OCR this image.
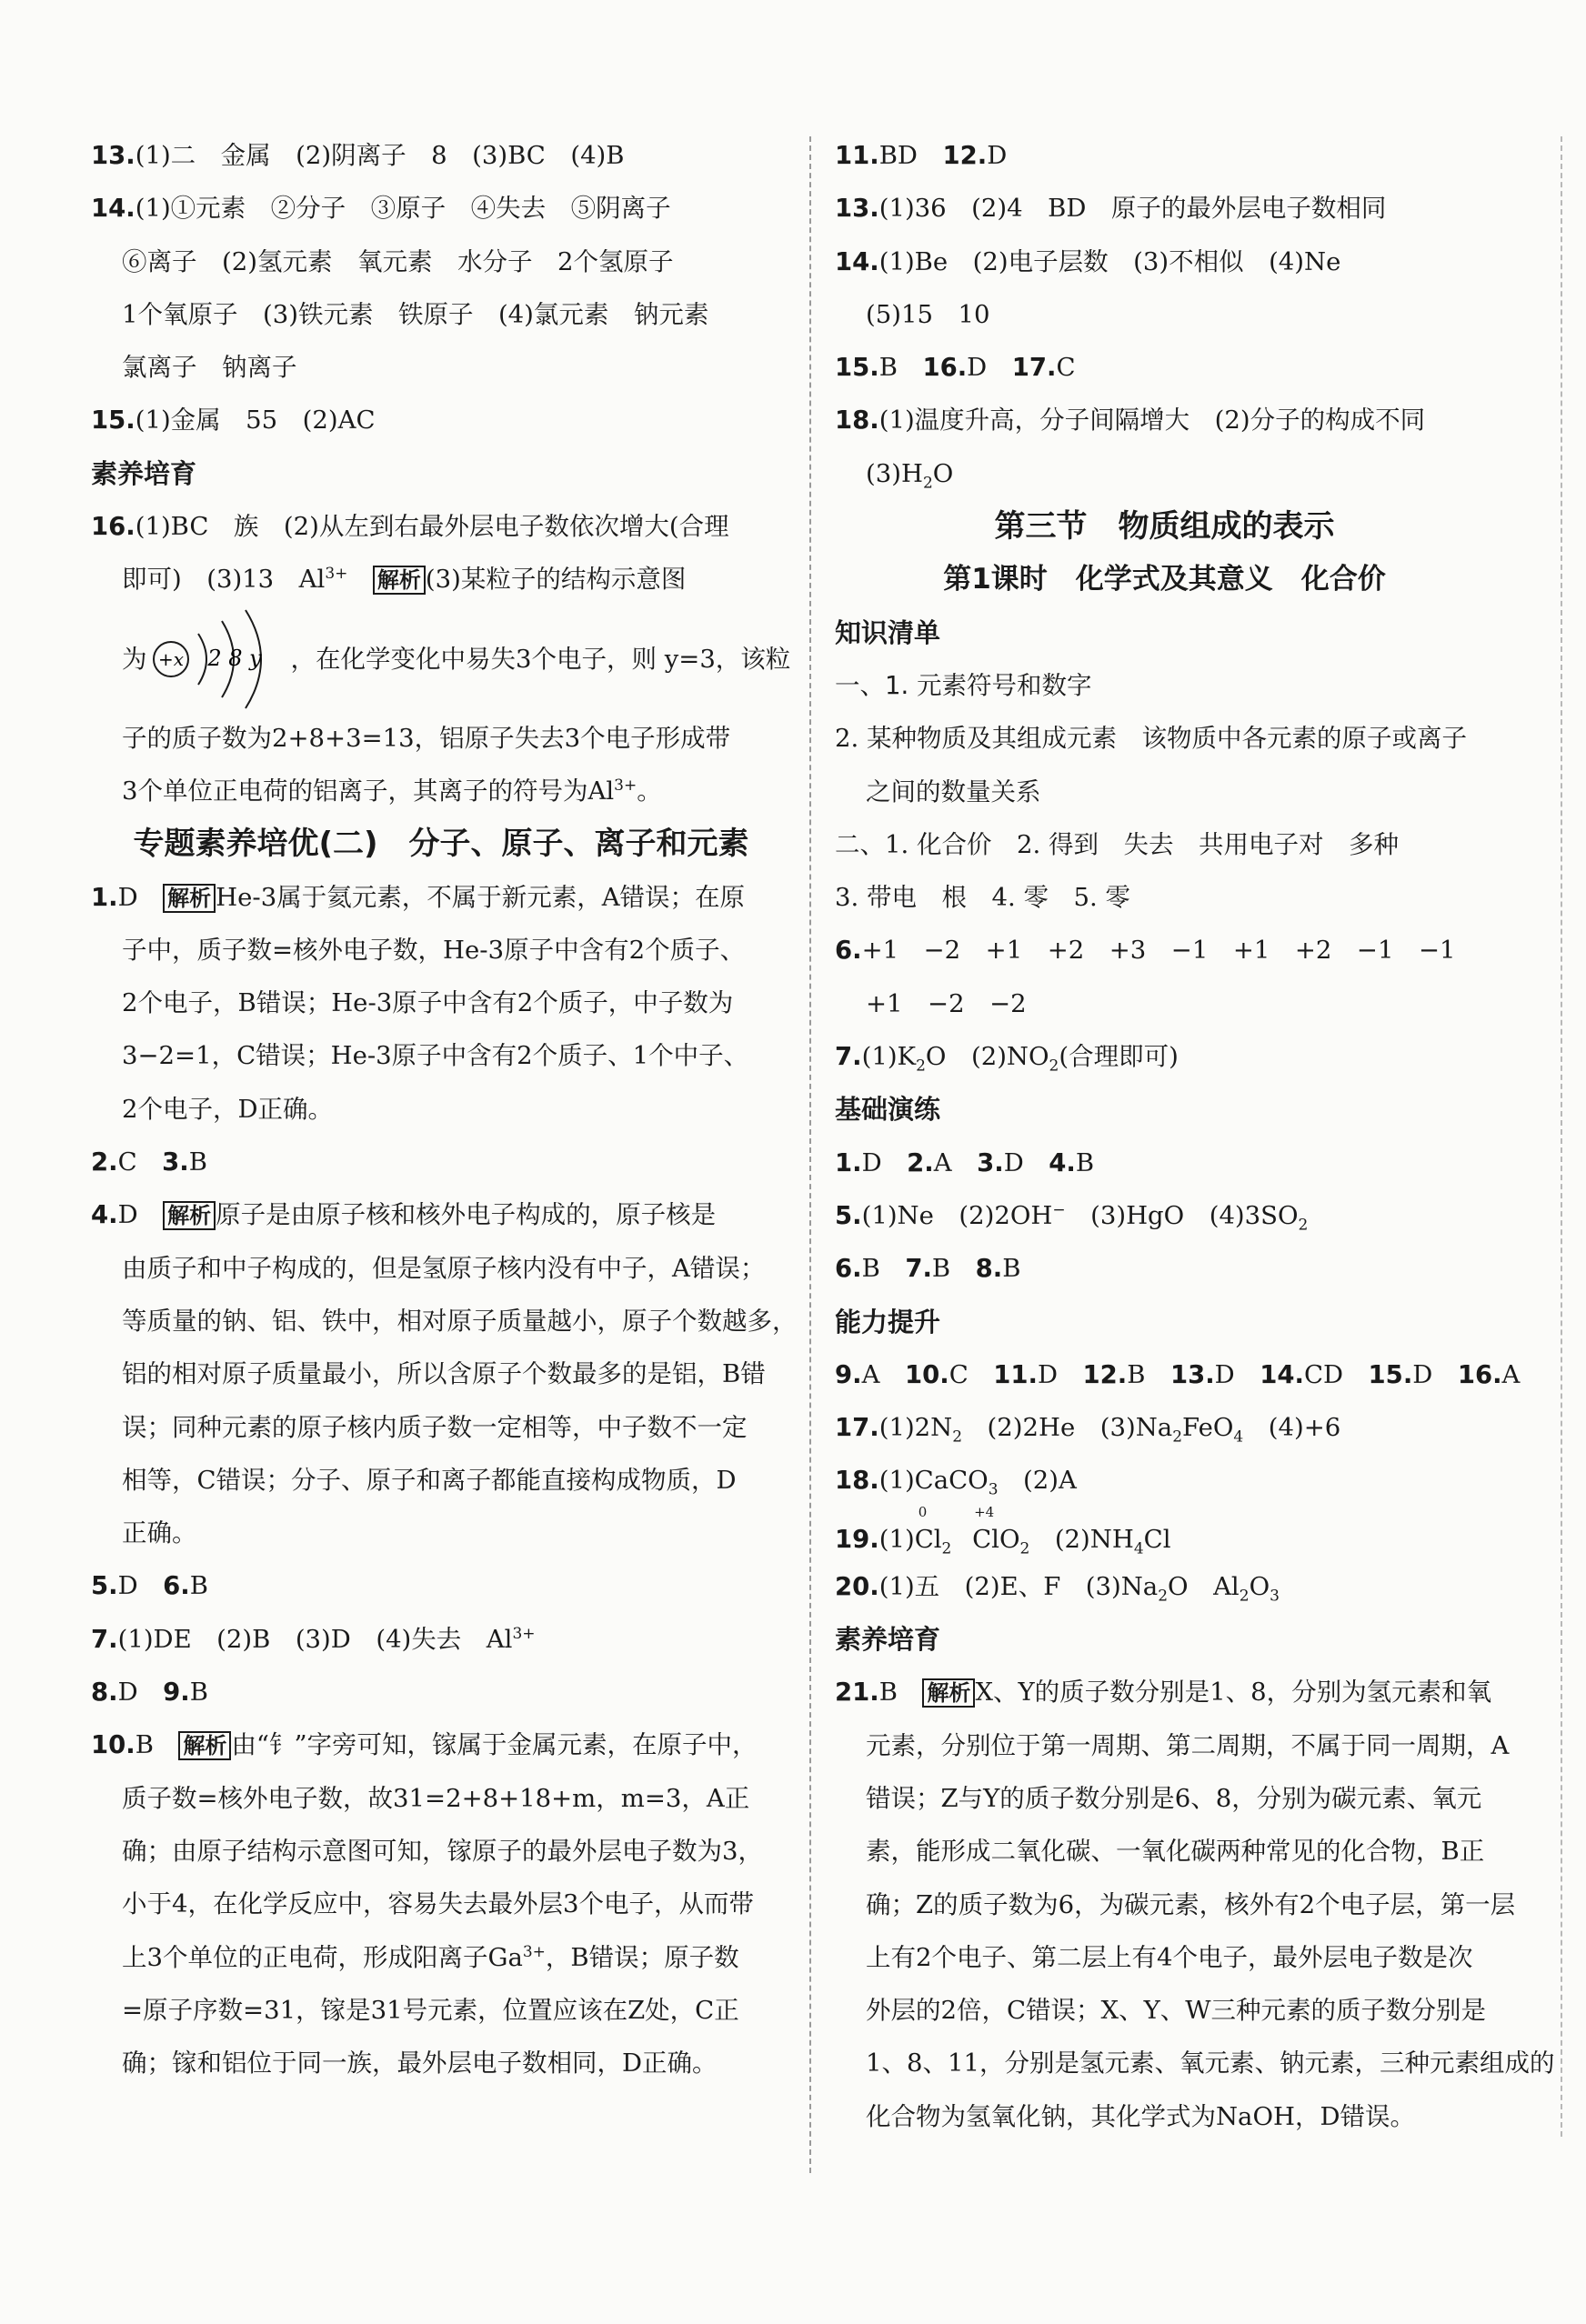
13.(1)二　金属　(2)阴离子　8　(3)BC　(4)B
14.(1)①元素　②分子　③原子　④失去　⑤阴离子
⑥离子　(2)氢元素　氧元素　水分子　2个氢原子
1个氧原子　(3)铁元素　铁原子　(4)氯元素　钠元素
氯离子　钠离子
15.(1)金属　55　(2)AC
素养培育
16.(1)BC　族　(2)从左到右最外层电子数依次增大(合理
即可)　(3)13　$Al^{3+}$　 解析 (3)某粒子的结构示意图
为 +x 2 8 y ，在化学变化中易失3个电子，则 y=3，该粒
子的质子数为2+8+3=13，铝原子失去3个电子形成带
3个单位正电荷的铝离子，其离子的符号为$Al^{3+}$。
专题素养培优(二)　分子、原子、离子和元素
1.D　 解析 He-3属于氦元素，不属于新元素，A错误；在原
子中，质子数=核外电子数，He-3原子中含有2个质子、
2个电子，B错误；He-3原子中含有2个质子，中子数为
3−2=1，C错误；He-3原子中含有2个质子、1个中子、
2个电子，D正确。
2.C　 3.B
4.D　 解析 原子是由原子核和核外电子构成的，原子核是
由质子和中子构成的，但是氢原子核内没有中子，A错误；
等质量的钠、铝、铁中，相对原子质量越小，原子个数越多，
铝的相对原子质量最小，所以含原子个数最多的是铝，B错
误；同种元素的原子核内质子数一定相等，中子数不一定
相等，C错误；分子、原子和离子都能直接构成物质，D
正确。
5.D　 6.B
7.(1)DE　(2)B　(3)D　(4)失去　$Al^{3+}$
8.D　 9.B
10.B　 解析 由“钅”字旁可知，镓属于金属元素，在原子中，
质子数=核外电子数，故31=2+8+18+m，m=3，A正
确；由原子结构示意图可知，镓原子的最外层电子数为3，
小于4，在化学反应中，容易失去最外层3个电子，从而带
上3个单位的正电荷，形成阳离子$Ga^{3+}$，B错误；原子数
=原子序数=31，镓是31号元素，位置应该在Z处，C正
确；镓和铝位于同一族，最外层电子数相同，D正确。
11.BD　 12.D
13.(1)36　(2)4　BD　原子的最外层电子数相同
14.(1)Be　(2)电子层数　(3)不相似　(4)Ne
(5)15　10
15.B　 16.D　 17.C
18.(1)温度升高，分子间隔增大　(2)分子的构成不同
$(3)H_2O$
第三节　物质组成的表示
第1课时　化学式及其意义　化合价
知识清单
一、1. 元素符号和数字
2. 某种物质及其组成元素　该物质中各元素的原子或离子
之间的数量关系
二、1. 化合价　2. 得到　失去　共用电子对　多种
3. 带电　根　4. 零　5. 零
6.+1　−2　+1　+2　+3　−1　+1　+2　−1　−1
+1　−2　−2
$7.(1)K_2O$　$(2)NO_2$(合理即可)
基础演练
1.D　 2.A　 3.D　 4.B
5.(1)Ne　(2)2OH−　(3)HgO　$(4)3SO_2$
6.B　 7.B　 8.B
能力提升
9.A　 10.C　 11.D　 12.B　 13.D　 14.CD　 15.D　 16.A
$17.(1)2N_2$　(2)2He　$(3)Na_2FeO_4$　(4)+6
18.(1)CaCO$_3$　(2)A
19.(1)
0
$Cl_2$
+4
ClO$_2$　$(2)NH_4Cl$
20.(1)五　(2)E、F　$(3)Na_2O$　$Al_2O_3$
素养培育
21.B　 解析 X、Y的质子数分别是1、8，分别为氢元素和氧
元素，分别位于第一周期、第二周期，不属于同一周期，A
错误；Z与Y的质子数分别是6、8，分别为碳元素、氧元
素，能形成二氧化碳、一氧化碳两种常见的化合物，B正
确；Z的质子数为6，为碳元素，核外有2个电子层，第一层
上有2个电子、第二层上有4个电子，最外层电子数是次
外层的2倍，C错误；X、Y、W三种元素的质子数分别是
1、8、11，分别是氢元素、氧元素、钠元素，三种元素组成的
化合物为氢氧化钠，其化学式为NaOH，D错误。
